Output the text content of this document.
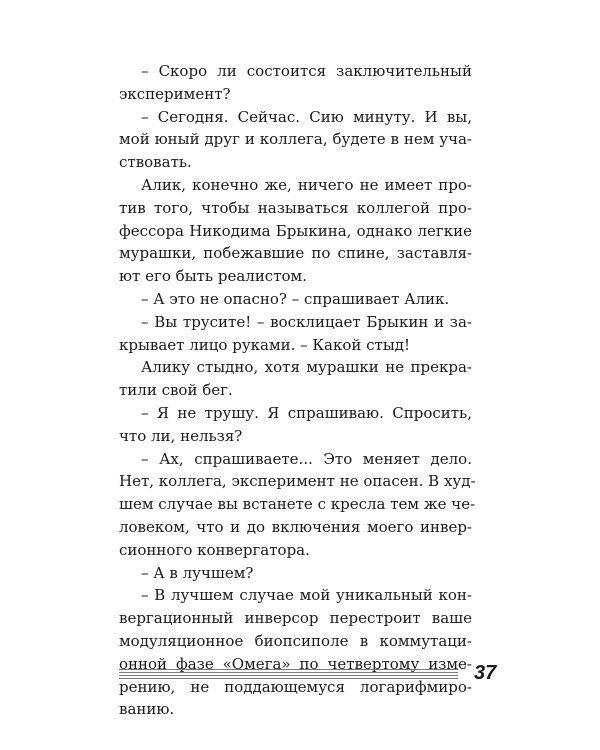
– Скоро ли состоится заключительный
эксперимент?
– Сегодня. Сейчас. Сию минуту. И вы,
мой юный друг и коллега, будете в нем уча-
ствовать.
Алик, конечно же, ничего не имеет про-
тив того, чтобы называться коллегой про-
фессора Никодима Брыкина, однако легкие
мурашки, побежавшие по спине, заставля-
ют его быть реалистом.
– А это не опасно? – спрашивает Алик.
– Вы трусите! – восклицает Брыкин и за-
крывает лицо руками. – Какой стыд!
Алику стыдно, хотя мурашки не прекра-
тили свой бег.
– Я не трушу. Я спрашиваю. Спросить,
что ли, нельзя?
– Ах, спрашиваете... Это меняет дело.
Нет, коллега, эксперимент не опасен. В худ-
шем случае вы встанете с кресла тем же че-
ловеком, что и до включения моего инвер-
сионного конвергатора.
– А в лучшем?
– В лучшем случае мой уникальный кон-
вергационный инверсор перестроит ваше
модуляционное биопсиполе в коммутаци-
онной фазе «Омега» по четвертому изме-
рению, не поддающемуся логарифмиро-
ванию.
37
